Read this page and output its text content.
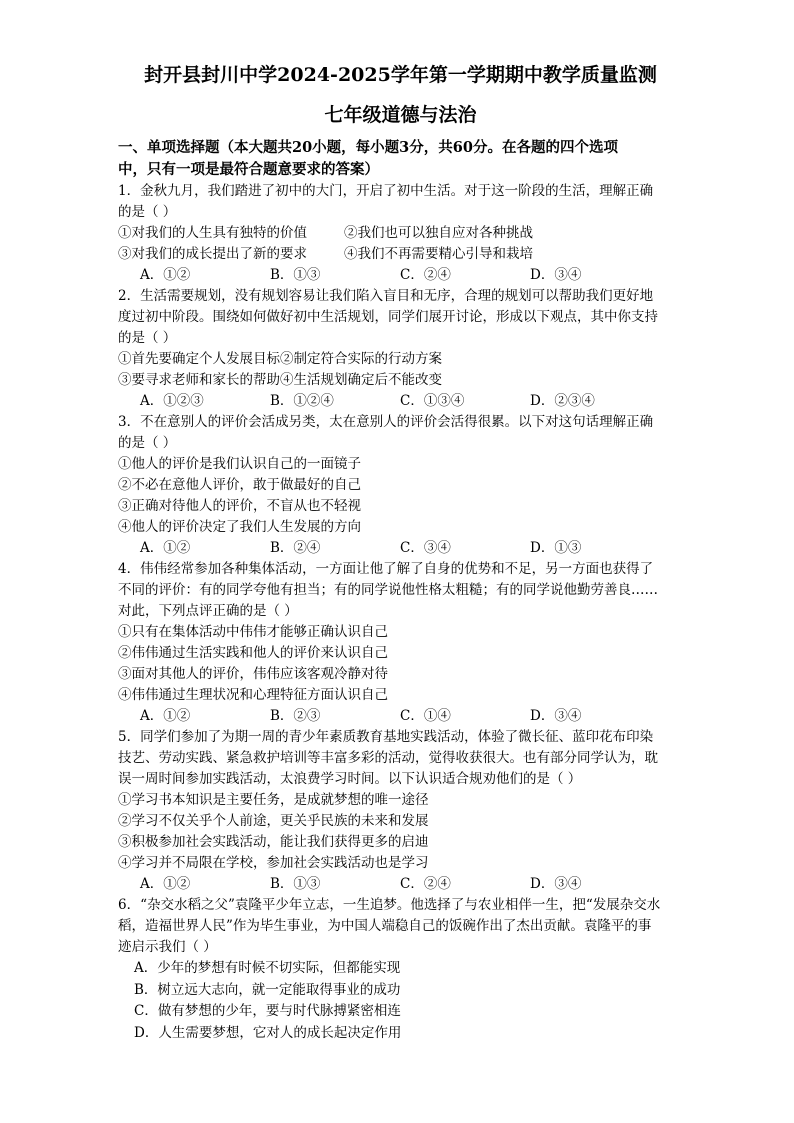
封开县封川中学2024-2025学年第一学期期中教学质量监测
七年级道德与法治
一、单项选择题（本大题共20小题，每小题3分，共60分。在各题的四个选项
中，只有一项是最符合题意要求的答案）
1．金秋九月，我们踏进了初中的大门，开启了初中生活。对于这一阶段的生活，理解正确
的是（ ）
①对我们的人生具有独特的价值	②我们也可以独自应对各种挑战
③对我们的成长提出了新的要求	④我们不再需要精心引导和栽培
A．①②	B．①③	C．②④	D．③④
2．生活需要规划，没有规划容易让我们陷入盲目和无序，合理的规划可以帮助我们更好地
度过初中阶段。围绕如何做好初中生活规划，同学们展开讨论，形成以下观点，其中你支持
的是（ ）
①首先要确定个人发展目标②制定符合实际的行动方案
③要寻求老师和家长的帮助④生活规划确定后不能改变
A．①②③	B．①②④	C．①③④	D．②③④
3．不在意别人的评价会活成另类，太在意别人的评价会活得很累。以下对这句话理解正确
的是（ ）
①他人的评价是我们认识自己的一面镜子
②不必在意他人评价，敢于做最好的自己
③正确对待他人的评价，不盲从也不轻视
④他人的评价决定了我们人生发展的方向
A．①②	B．②④	C．③④	D．①③
4．伟伟经常参加各种集体活动，一方面让他了解了自身的优势和不足，另一方面也获得了
不同的评价：有的同学夸他有担当；有的同学说他性格太粗糙；有的同学说他勤劳善良……
对此，下列点评正确的是（ ）
①只有在集体活动中伟伟才能够正确认识自己
②伟伟通过生活实践和他人的评价来认识自己
③面对其他人的评价，伟伟应该客观冷静对待
④伟伟通过生理状况和心理特征方面认识自己
A．①②	B．②③	C．①④	D．③④
5．同学们参加了为期一周的青少年素质教育基地实践活动，体验了微长征、蓝印花布印染
技艺、劳动实践、紧急救护培训等丰富多彩的活动，觉得收获很大。也有部分同学认为，耽
误一周时间参加实践活动，太浪费学习时间。以下认识适合规劝他们的是（ ）
①学习书本知识是主要任务，是成就梦想的唯一途径
②学习不仅关乎个人前途，更关乎民族的未来和发展
③积极参加社会实践活动，能让我们获得更多的启迪
④学习并不局限在学校，参加社会实践活动也是学习
A．①②	B．①③	C．②④	D．③④
6．“杂交水稻之父”袁隆平少年立志，一生追梦。他选择了与农业相伴一生，把“发展杂交水
稻，造福世界人民”作为毕生事业，为中国人端稳自己的饭碗作出了杰出贡献。袁隆平的事
迹启示我们（ ）
A．少年的梦想有时候不切实际，但都能实现
B．树立远大志向，就一定能取得事业的成功
C．做有梦想的少年，要与时代脉搏紧密相连
D．人生需要梦想，它对人的成长起决定作用
